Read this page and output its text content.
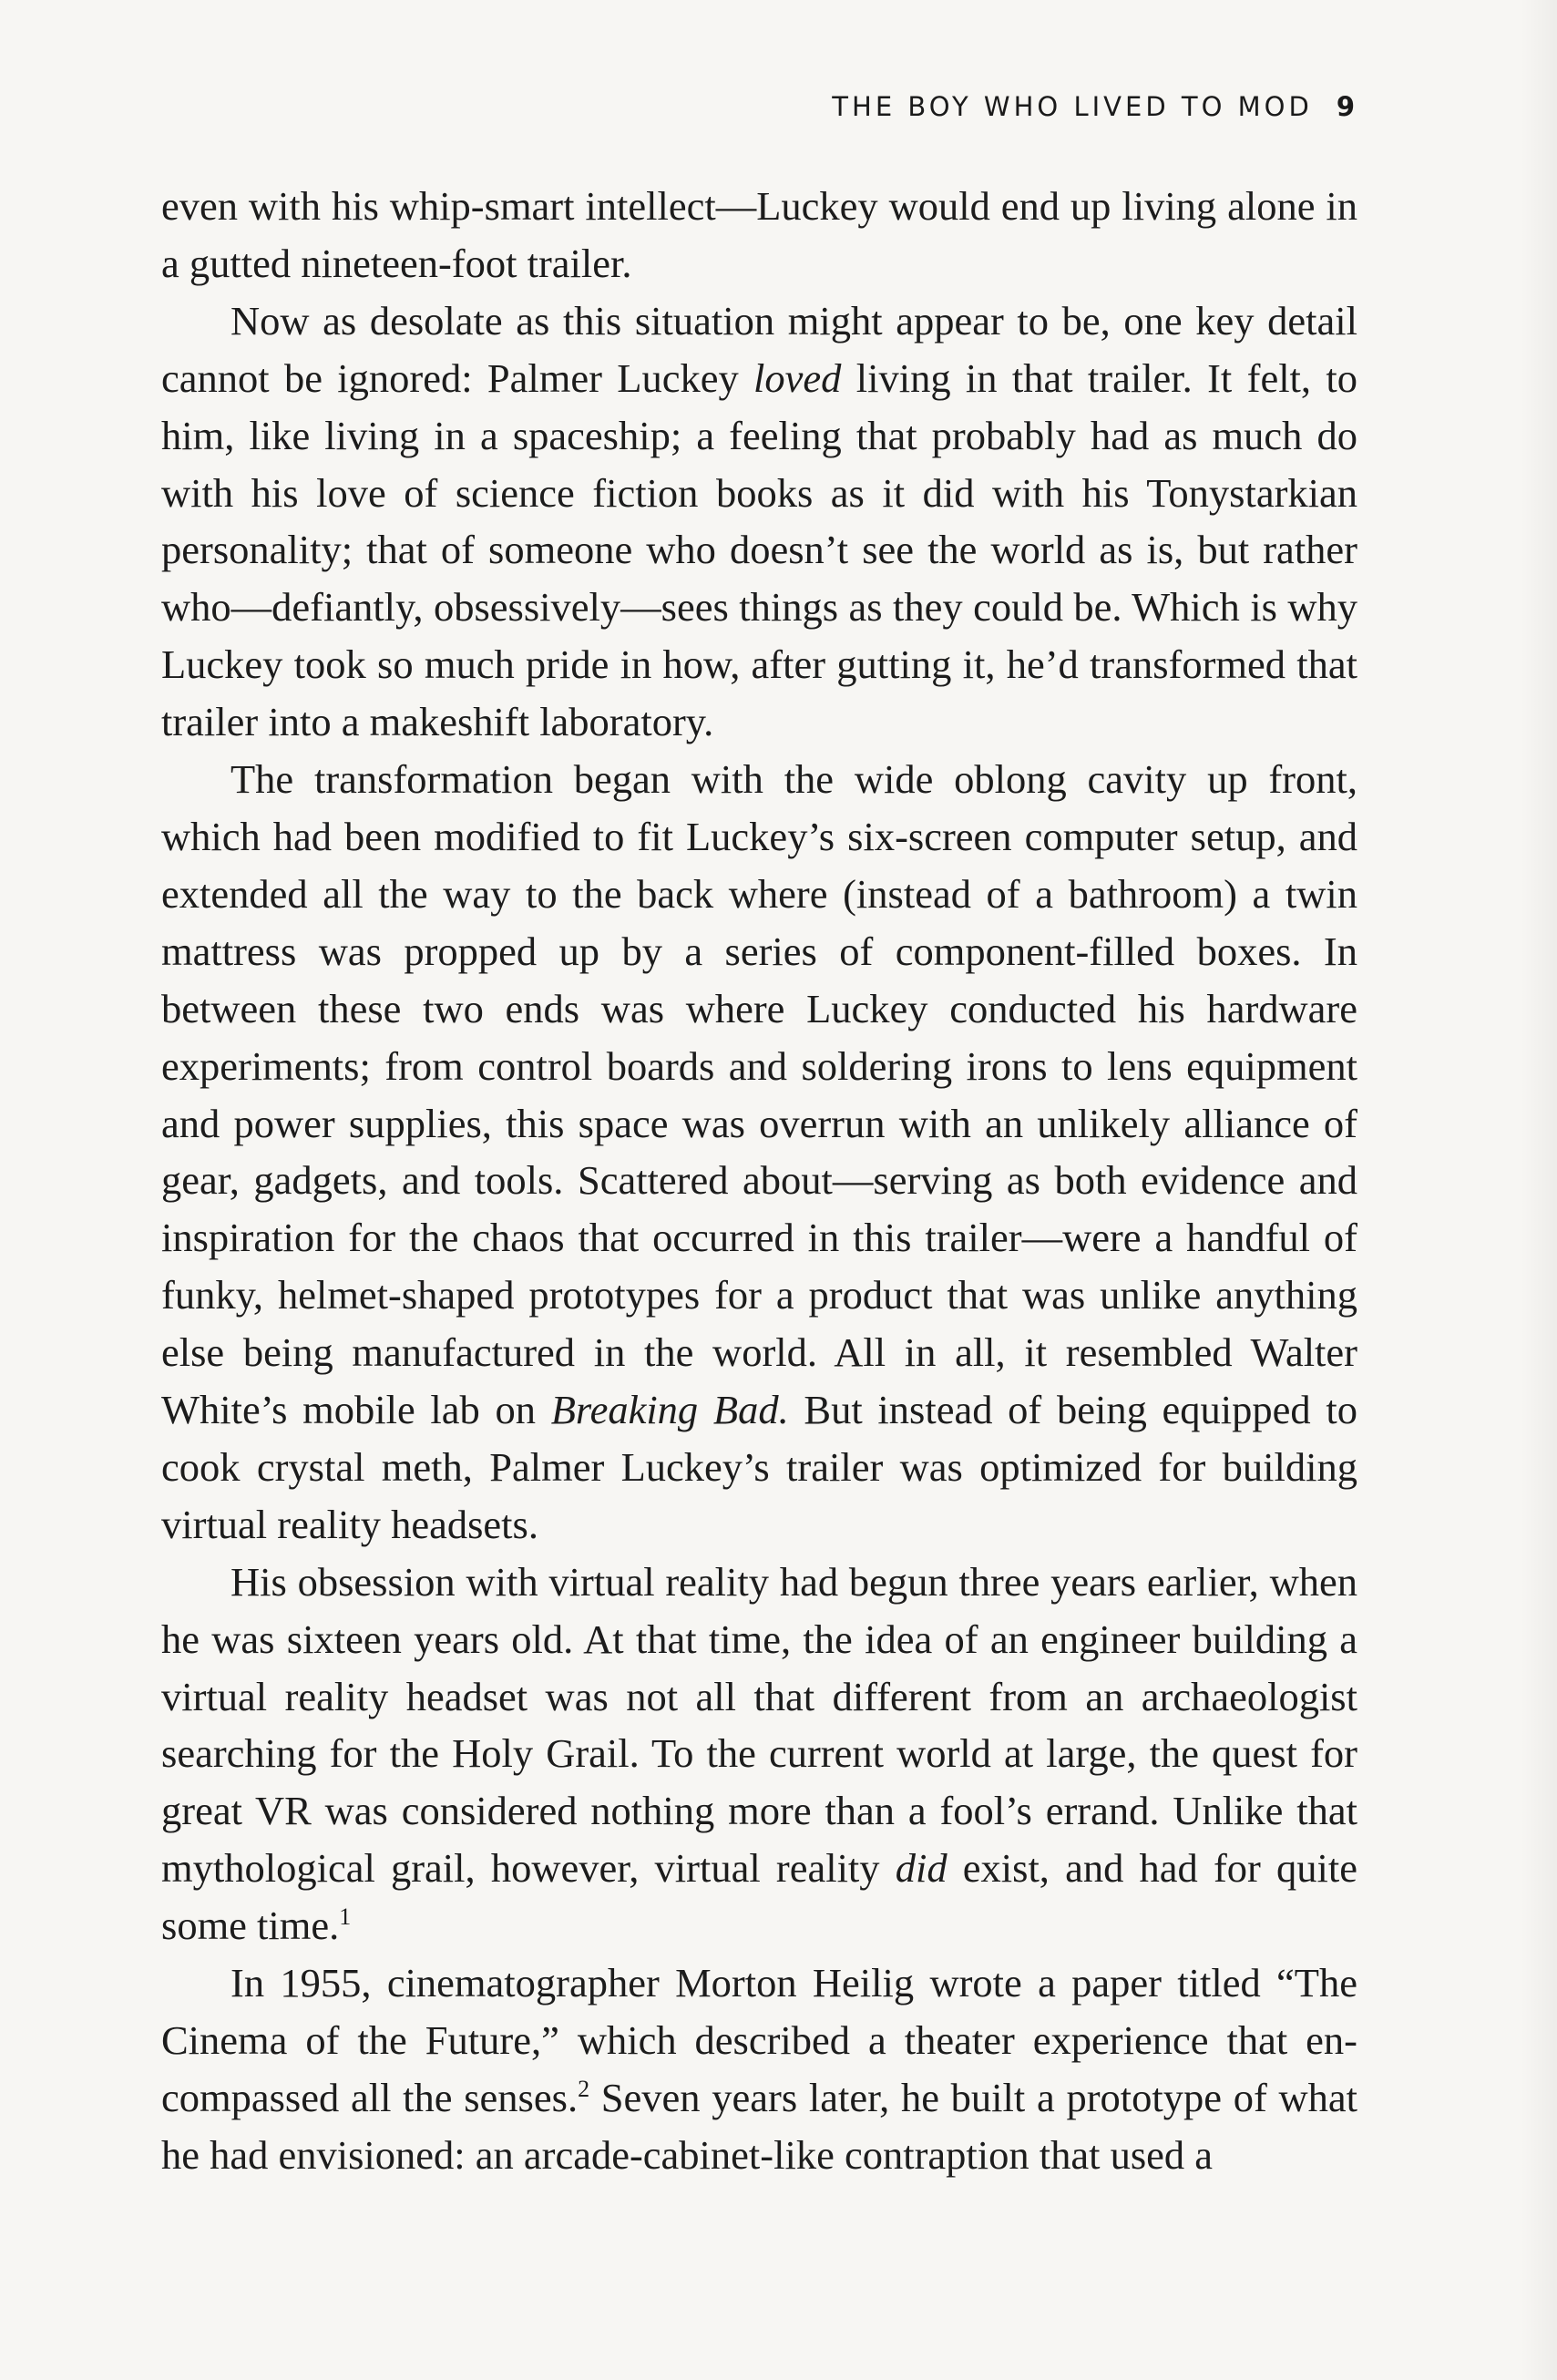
THE BOY WHO LIVED TO MOD 9

even with his whip-smart intellect—Luckey would end up living alone in a gutted nineteen-foot trailer.

Now as desolate as this situation might appear to be, one key detail cannot be ignored: Palmer Luckey loved living in that trailer. It felt, to him, like living in a spaceship; a feeling that probably had as much do with his love of science fiction books as it did with his Tonystarkian personality; that of someone who doesn’t see the world as is, but rather who—defiantly, obsessively—sees things as they could be. Which is why Luckey took so much pride in how, after gutting it, he’d transformed that trailer into a makeshift laboratory.

The transformation began with the wide oblong cavity up front, which had been modified to fit Luckey’s six-screen computer setup, and extended all the way to the back where (instead of a bathroom) a twin mattress was propped up by a series of component-filled boxes. In between these two ends was where Luckey conducted his hardware experiments; from control boards and soldering irons to lens equipment and power supplies, this space was overrun with an unlikely alliance of gear, gadgets, and tools. Scattered about—serving as both evidence and inspiration for the chaos that occurred in this trailer—were a handful of funky, helmet-shaped prototypes for a product that was unlike anything else being manufactured in the world. All in all, it resembled Walter White’s mobile lab on Breaking Bad. But instead of being equipped to cook crystal meth, Palmer Luckey’s trailer was optimized for building virtual reality headsets.

His obsession with virtual reality had begun three years earlier, when he was sixteen years old. At that time, the idea of an engineer building a virtual reality headset was not all that different from an archaeologist searching for the Holy Grail. To the current world at large, the quest for great VR was considered nothing more than a fool’s errand. Unlike that mythological grail, however, virtual reality did exist, and had for quite some time.$^1$

In 1955, cinematographer Morton Heilig wrote a paper titled “The Cinema of the Future,” which described a theater experience that encompassed all the senses.$^2$ Seven years later, he built a prototype of what he had envisioned: an arcade-cabinet-like contraption that used a
